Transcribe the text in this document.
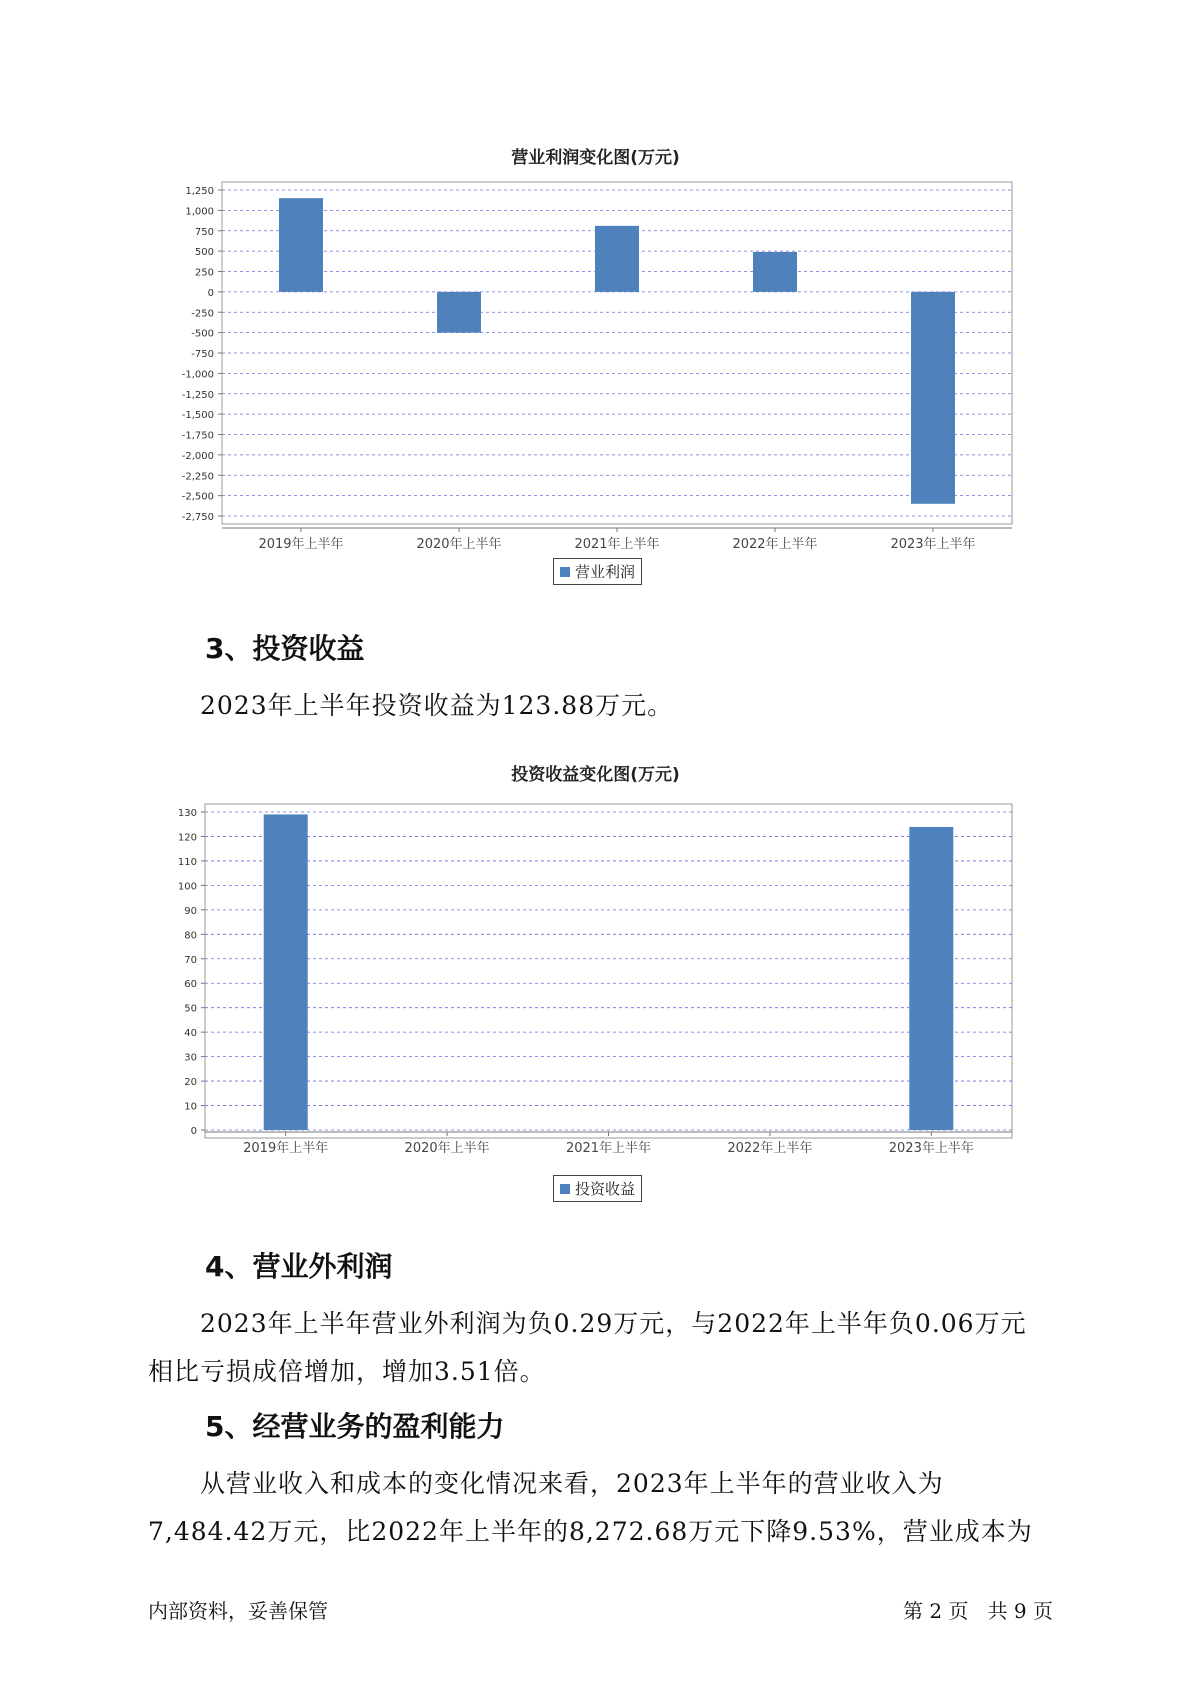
营业利润变化图(万元)
1,250
1,000
750
500
250
0
-250
-500
-750
-1,000
-1,250
-1,500
-1,750
-2,000
-2,250
-2,500
-2,750
2019年上半年	2020年上半年	2021年上半年	2022年上半年	2023年上半年
营业利润
3、投资收益
2023年上半年投资收益为123.88万元。
投资收益变化图(万元)
130
120
110
100
90
80
70
60
50
40
30
20
10
0
2019年上半年	2020年上半年	2021年上半年	2022年上半年	2023年上半年
投资收益
4、营业外利润
2023年上半年营业外利润为负0.29万元，与2022年上半年负0.06万元
相比亏损成倍增加，增加3.51倍。
5、经营业务的盈利能力
从营业收入和成本的变化情况来看，2023年上半年的营业收入为
7,484.42万元，比2022年上半年的8,272.68万元下降9.53%，营业成本为
内部资料，妥善保管	第 2 页   共 9 页
